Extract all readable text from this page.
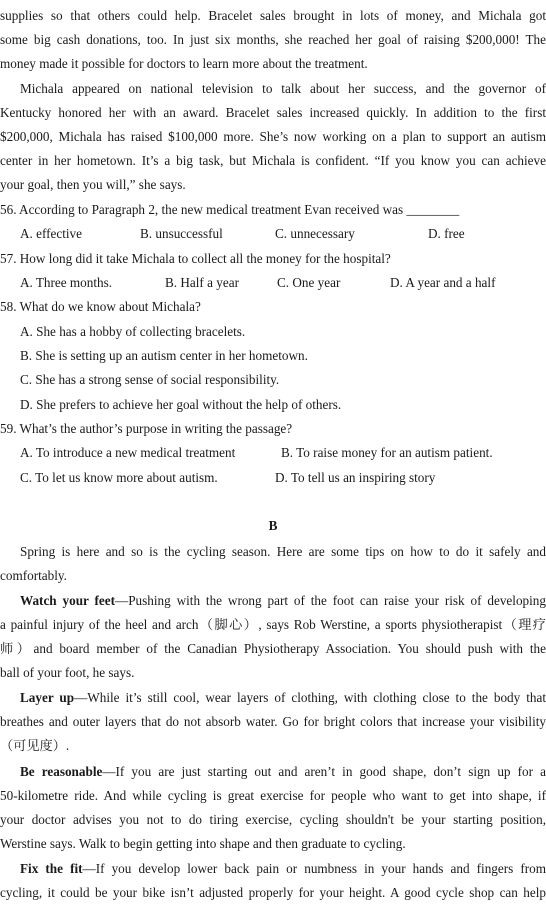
supplies so that others could help. Bracelet sales brought in lots of money, and Michala got
some big cash donations, too. In just six months, she reached her goal of raising $200,000! The
money made it possible for doctors to learn more about the treatment.
Michala appeared on national television to talk about her success, and the governor of
Kentucky honored her with an award. Bracelet sales increased quickly. In addition to the first
$200,000, Michala has raised $100,000 more. She’s now working on a plan to support an autism
center in her hometown. It’s a big task, but Michala is confident. “If you know you can achieve
your goal, then you will,” she says.
56. According to Paragraph 2, the new medical treatment Evan received was ________
A. effective	B. unsuccessful	C. unnecessary	D. free
57. How long did it take Michala to collect all the money for the hospital?
A. Three months.	B. Half a year	C. One year	D. A year and a half
58. What do we know about Michala?
A. She has a hobby of collecting bracelets.
B. She is setting up an autism center in her hometown.
C. She has a strong sense of social responsibility.
D. She prefers to achieve her goal without the help of others.
59. What’s the author’s purpose in writing the passage?
A. To introduce a new medical treatment	B. To raise money for an autism patient.
C. To let us know more about autism.	D. To tell us an inspiring story
B
Spring is here and so is the cycling season. Here are some tips on how to do it safely and
comfortably.
Watch your feet—Pushing with the wrong part of the foot can raise your risk of developing
a painful injury of the heel and arch（脚心）, says Rob Werstine, a sports physiotherapist（理疗
师）and board member of the Canadian Physiotherapy Association. You should push with the
ball of your foot, he says.
Layer up—While it’s still cool, wear layers of clothing, with clothing close to the body that
breathes and outer layers that do not absorb water. Go for bright colors that increase your visibility
（可见度）.
Be reasonable—If you are just starting out and aren’t in good shape, don’t sign up for a
50-kilometre ride. And while cycling is great exercise for people who want to get into shape, if
your doctor advises you not to do tiring exercise, cycling shouldn't be your starting position,
Werstine says. Walk to begin getting into shape and then graduate to cycling.
Fix the fit—If you develop lower back pain or numbness in your hands and fingers from
cycling, it could be your bike isn’t adjusted properly for your height. A good cycle shop can help
